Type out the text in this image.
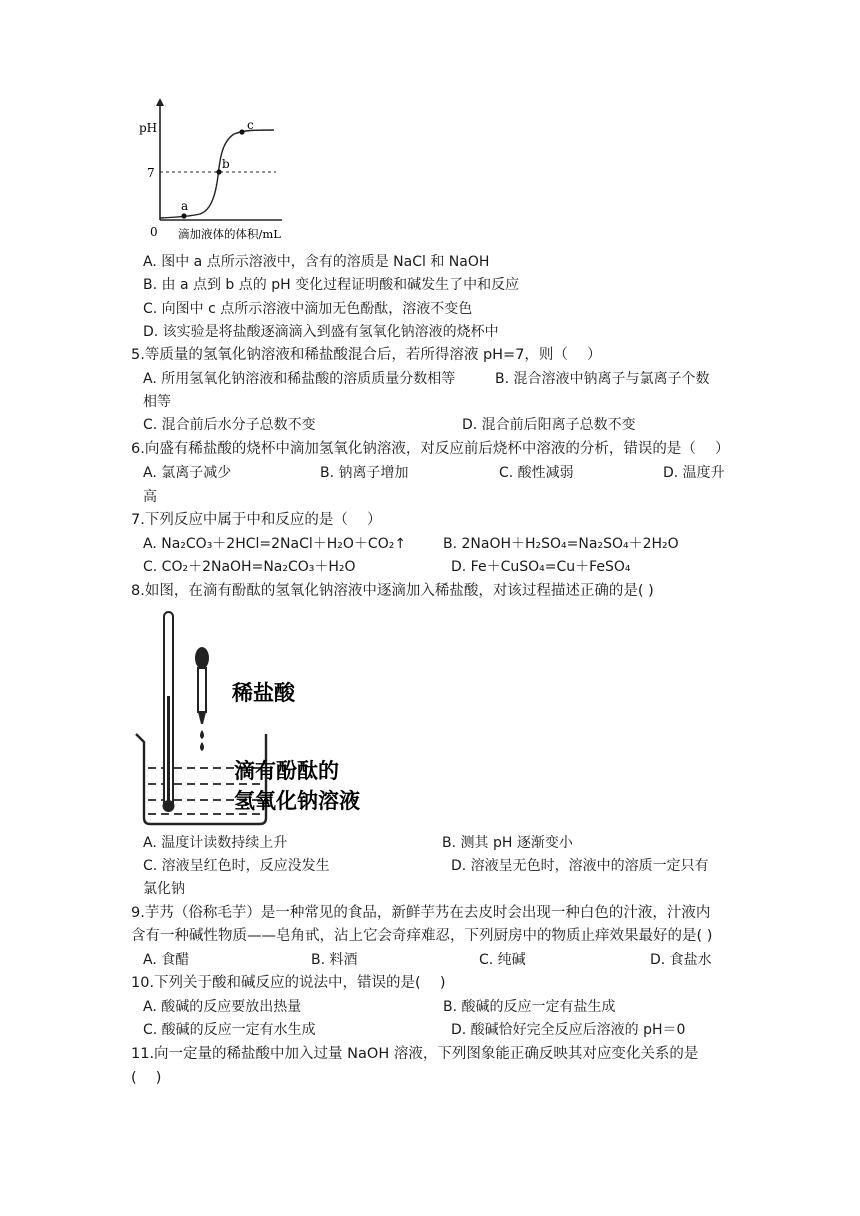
pH
7
0
a
b
c
滴加液体的体积/mL
A. 图中 a 点所示溶液中，含有的溶质是 NaCl 和 NaOH
B. 由 a 点到 b 点的 pH 变化过程证明酸和碱发生了中和反应
C. 向图中 c 点所示溶液中滴加无色酚酞，溶液不变色
D. 该实验是将盐酸逐滴滴入到盛有氢氧化钠溶液的烧杯中
5.等质量的氢氧化钠溶液和稀盐酸混合后，若所得溶液 pH=7，则（　 ）
A. 所用氢氧化钠溶液和稀盐酸的溶质质量分数相等	B. 混合溶液中钠离子与氯离子个数
相等
C. 混合前后水分子总数不变	D. 混合前后阳离子总数不变
6.向盛有稀盐酸的烧杯中滴加氢氧化钠溶液，对反应前后烧杯中溶液的分析，错误的是（　 ）
A. 氯离子减少	B. 钠离子增加	C. 酸性减弱	D. 温度升
高
7.下列反应中属于中和反应的是（　 ）
A. Na₂CO₃＋2HCl=2NaCl＋H₂O＋CO₂↑	B. 2NaOH＋H₂SO₄=Na₂SO₄＋2H₂O
C. CO₂＋2NaOH=Na₂CO₃＋H₂O	D. Fe＋CuSO₄=Cu＋FeSO₄
8.如图，在滴有酚酞的氢氧化钠溶液中逐滴加入稀盐酸，对该过程描述正确的是( )
稀盐酸
滴有酚酞的
氢氧化钠溶液
A. 温度计读数持续上升	B. 测其 pH 逐渐变小
C. 溶液呈红色时，反应没发生	D. 溶液呈无色时，溶液中的溶质一定只有
氯化钠
9.芋艿（俗称毛芋）是一种常见的食品，新鲜芋艿在去皮时会出现一种白色的汁液，汁液内
含有一种碱性物质——皂角甙，沾上它会奇痒难忍，下列厨房中的物质止痒效果最好的是( )
A. 食醋	B. 料酒	C. 纯碱	D. 食盐水
10.下列关于酸和碱反应的说法中，错误的是(　 )
A. 酸碱的反应要放出热量	B. 酸碱的反应一定有盐生成
C. 酸碱的反应一定有水生成	D. 酸碱恰好完全反应后溶液的 pH＝0
11.向一定量的稀盐酸中加入过量 NaOH 溶液，下列图象能正确反映其对应变化关系的是
(　 )
